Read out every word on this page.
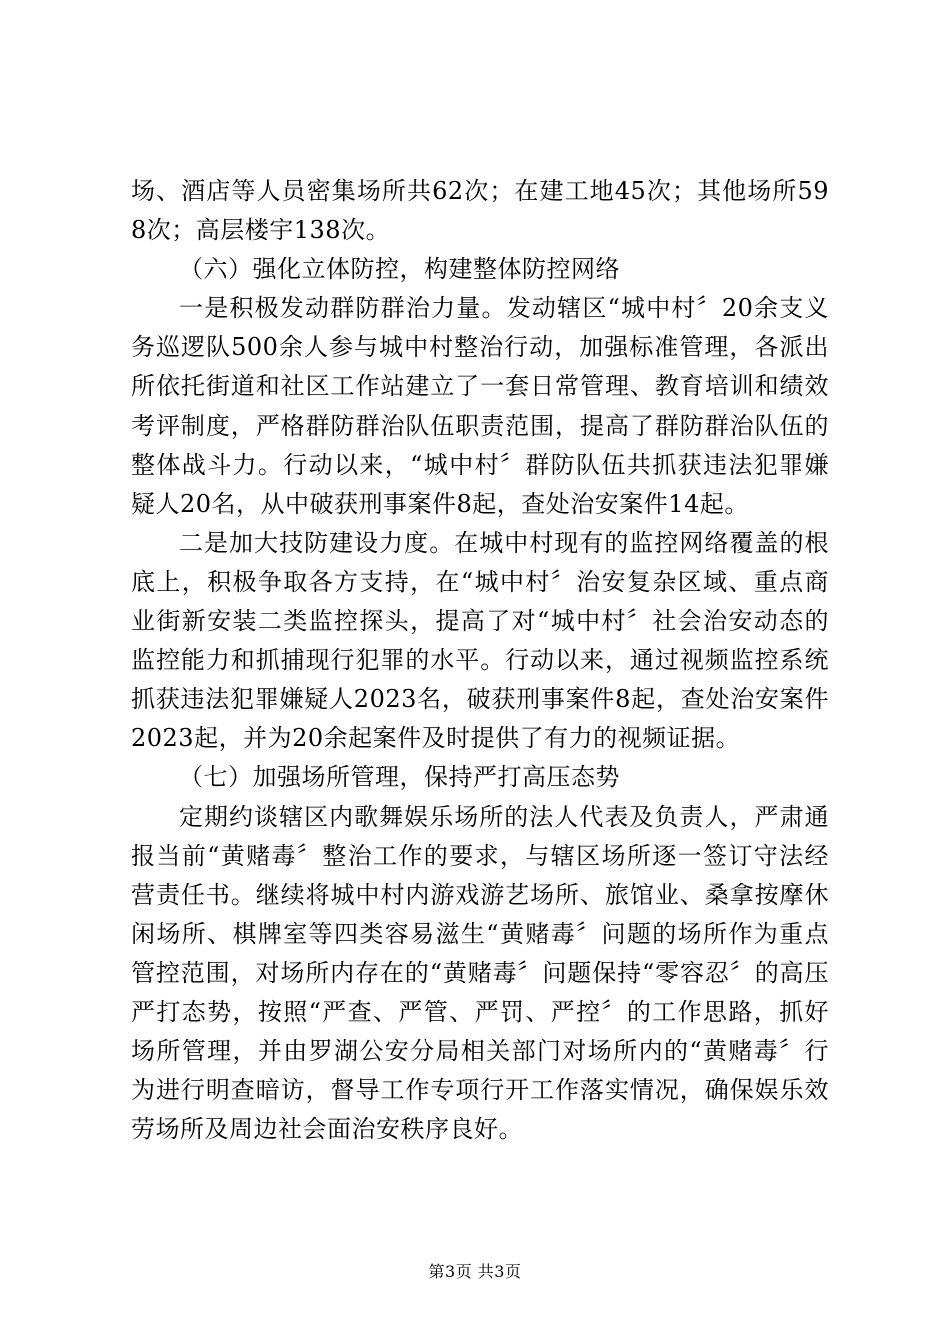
场、酒店等人员密集场所共62次；在建工地45次；其他场所598次；高层楼宇138次。

（六）强化立体防控，构建整体防控网络

一是积极发动群防群治力量。发动辖区“城中村〞20余支义务巡逻队500余人参与城中村整治行动，加强标准管理，各派出所依托街道和社区工作站建立了一套日常管理、教育培训和绩效考评制度，严格群防群治队伍职责范围，提高了群防群治队伍的整体战斗力。行动以来，“城中村〞群防队伍共抓获违法犯罪嫌疑人20名，从中破获刑事案件8起，查处治安案件14起。

二是加大技防建设力度。在城中村现有的监控网络覆盖的根底上，积极争取各方支持，在“城中村〞治安复杂区域、重点商业街新安装二类监控探头，提高了对“城中村〞社会治安动态的监控能力和抓捕现行犯罪的水平。行动以来，通过视频监控系统抓获违法犯罪嫌疑人2023名，破获刑事案件8起，查处治安案件2023起，并为20余起案件及时提供了有力的视频证据。

（七）加强场所管理，保持严打高压态势

定期约谈辖区内歌舞娱乐场所的法人代表及负责人，严肃通报当前“黄赌毒〞整治工作的要求，与辖区场所逐一签订守法经营责任书。继续将城中村内游戏游艺场所、旅馆业、桑拿按摩休闲场所、棋牌室等四类容易滋生“黄赌毒〞问题的场所作为重点管控范围，对场所内存在的“黄赌毒〞问题保持“零容忍〞的高压严打态势，按照“严查、严管、严罚、严控〞的工作思路，抓好场所管理，并由罗湖公安分局相关部门对场所内的“黄赌毒〞行为进行明查暗访，督导工作专项行开工作落实情况，确保娱乐效劳场所及周边社会面治安秩序良好。

第3页 共3页
